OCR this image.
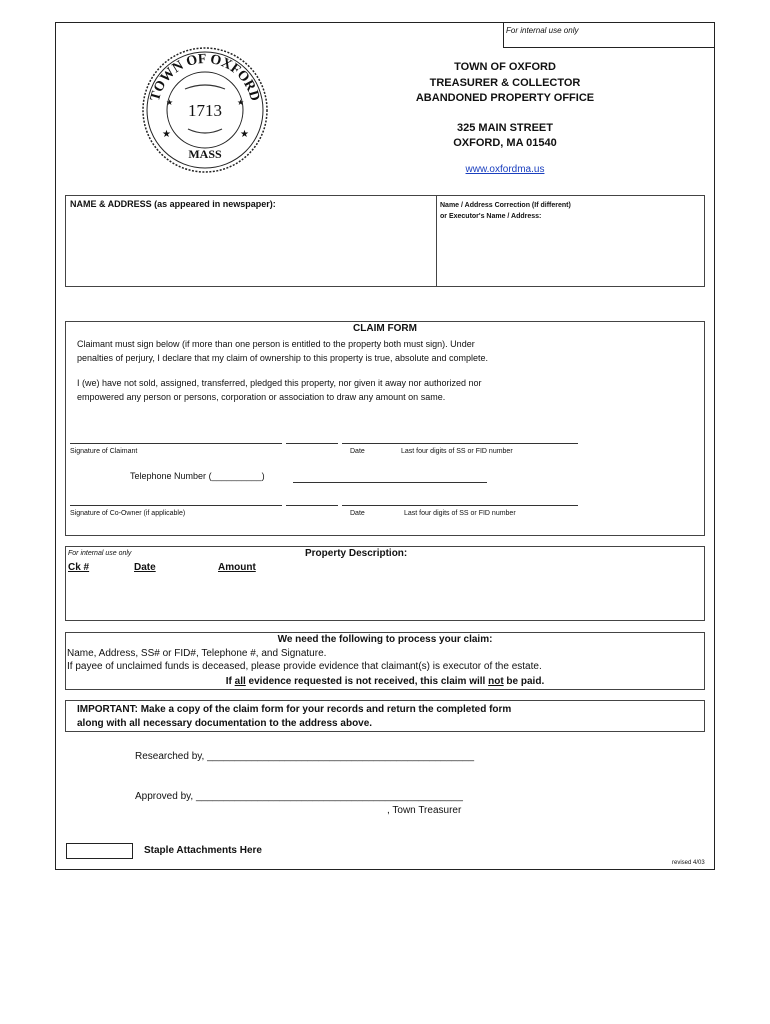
For internal use only
TOWN OF OXFORD
MASS
1713
★	★
★	★
TOWN OF OXFORD
TREASURER & COLLECTOR
ABANDONED PROPERTY OFFICE
325 MAIN STREET
OXFORD, MA 01540
www.oxfordma.us
NAME & ADDRESS (as appeared in newspaper):	Name / Address Correction (If different)
or Executor's Name / Address:
CLAIM FORM
Claimant must sign below (if more than one person is entitled to the property both must sign). Under
penalties of perjury, I declare that my claim of ownership to this property is true, absolute and complete.
I (we) have not sold, assigned, transferred, pledged this property, nor given it away nor authorized nor
empowered any person or persons, corporation or association to draw any amount on same.
Signature of Claimant	Date	Last four digits of SS or FID number
Telephone Number (__________)
Signature of Co-Owner (if applicable)	Date	Last four digits of SS or FID number
For internal use only	Property Description:
Ck #	Date	Amount
We need the following to process your claim:
Name, Address, SS# or FID#, Telephone #, and Signature.
If payee of unclaimed funds is deceased, please provide evidence that claimant(s) is executor of the estate.
If all evidence requested is not received, this claim will not be paid.
IMPORTANT: Make a copy of the claim form for your records and return the completed form
along with all necessary documentation to the address above.
Researched by, ________________________________________________
Approved by, ________________________________________________
, Town Treasurer
Staple Attachments Here
revised 4/03
